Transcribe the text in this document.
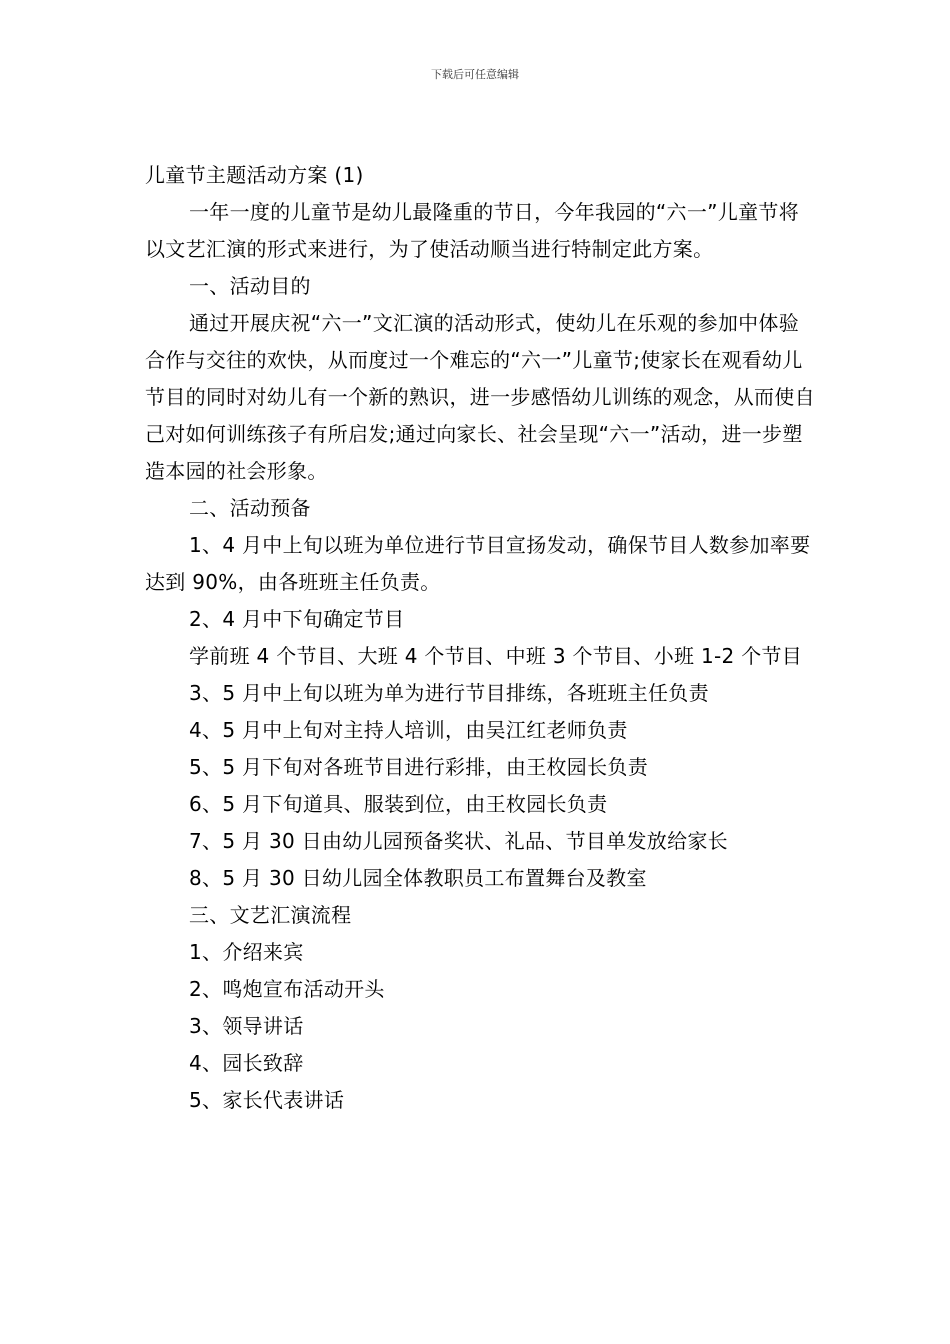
下载后可任意编辑

儿童节主题活动方案 (1)

一年一度的儿童节是幼儿最隆重的节日，今年我园的“六一”儿童节将以文艺汇演的形式来进行，为了使活动顺当进行特制定此方案。

一、活动目的

通过开展庆祝“六一”文汇演的活动形式，使幼儿在乐观的参加中体验合作与交往的欢快，从而度过一个难忘的“六一”儿童节;使家长在观看幼儿节目的同时对幼儿有一个新的熟识，进一步感悟幼儿训练的观念，从而使自己对如何训练孩子有所启发;通过向家长、社会呈现“六一”活动，进一步塑造本园的社会形象。

二、活动预备

1、4 月中上旬以班为单位进行节目宣扬发动，确保节目人数参加率要达到 90%，由各班班主任负责。

2、4 月中下旬确定节目

学前班 4 个节目、大班 4 个节目、中班 3 个节目、小班 1-2 个节目

3、5 月中上旬以班为单为进行节目排练，各班班主任负责

4、5 月中上旬对主持人培训，由吴江红老师负责

5、5 月下旬对各班节目进行彩排，由王枚园长负责

6、5 月下旬道具、服装到位，由王枚园长负责

7、5 月 30 日由幼儿园预备奖状、礼品、节目单发放给家长

8、5 月 30 日幼儿园全体教职员工布置舞台及教室

三、文艺汇演流程

1、介绍来宾

2、鸣炮宣布活动开头

3、领导讲话

4、园长致辞

5、家长代表讲话
